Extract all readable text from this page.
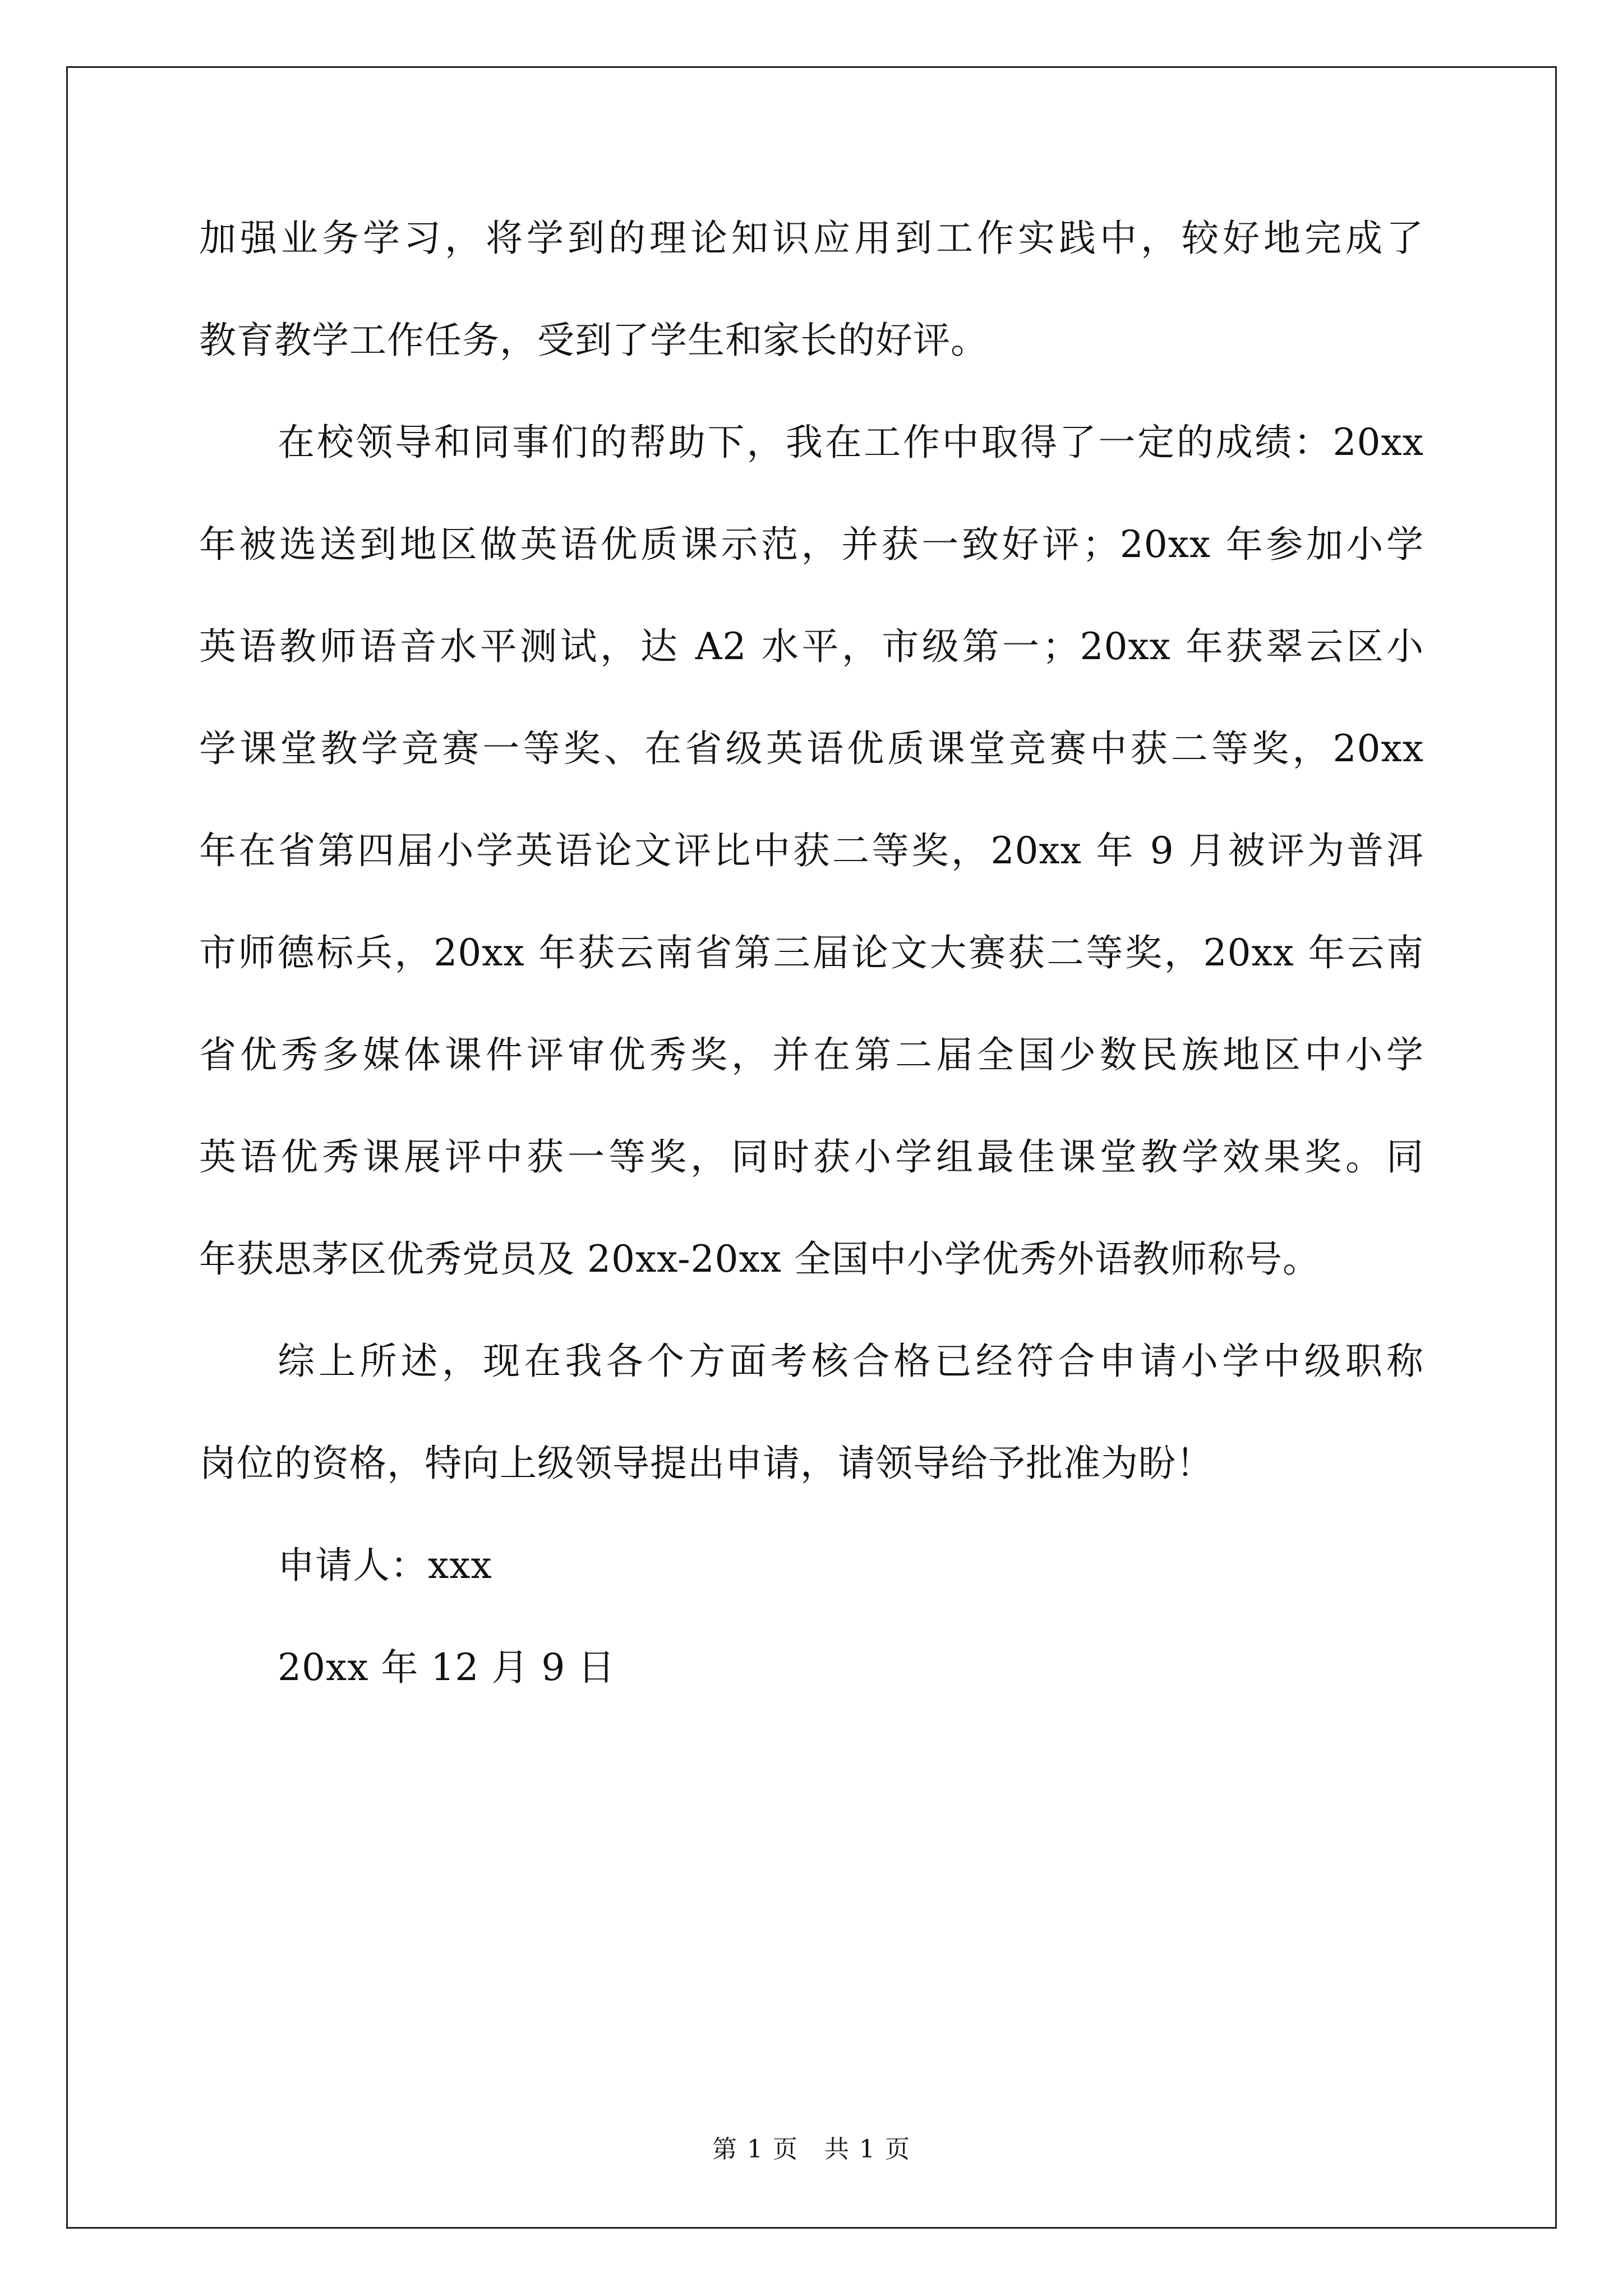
加强业务学习，将学到的理论知识应用到工作实践中，较好地完成了
教育教学工作任务，受到了学生和家长的好评。
在校领导和同事们的帮助下，我在工作中取得了一定的成绩：20xx
年被选送到地区做英语优质课示范，并获一致好评；20xx 年参加小学
英语教师语音水平测试，达 A2 水平，市级第一；20xx 年获翠云区小
学课堂教学竞赛一等奖、在省级英语优质课堂竞赛中获二等奖，20xx
年在省第四届小学英语论文评比中获二等奖，20xx 年 9 月被评为普洱
市师德标兵，20xx 年获云南省第三届论文大赛获二等奖，20xx 年云南
省优秀多媒体课件评审优秀奖，并在第二届全国少数民族地区中小学
英语优秀课展评中获一等奖，同时获小学组最佳课堂教学效果奖。同
年获思茅区优秀党员及 20xx-20xx 全国中小学优秀外语教师称号。
综上所述，现在我各个方面考核合格已经符合申请小学中级职称
岗位的资格，特向上级领导提出申请，请领导给予批准为盼！
申请人：xxx
20xx 年 12 月 9 日
第 1 页　共 1 页
